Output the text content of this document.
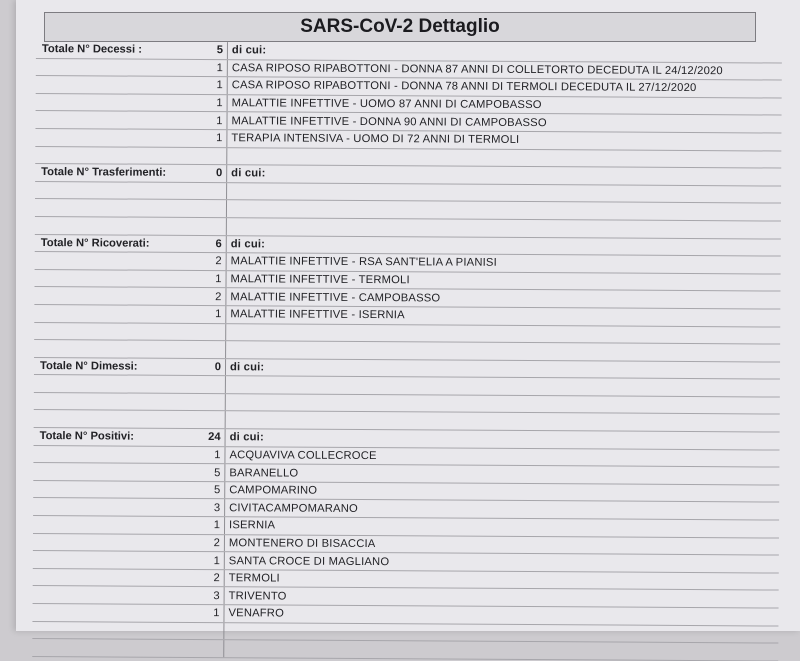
SARS-CoV-2 Dettaglio
Totale N° Decessi :	5 di cui:
1 CASA RIPOSO RIPABOTTONI - DONNA 87 ANNI DI COLLETORTO DECEDUTA IL 24/12/2020
1 CASA RIPOSO RIPABOTTONI - DONNA 78 ANNI DI TERMOLI DECEDUTA IL 27/12/2020
1 MALATTIE INFETTIVE - UOMO 87 ANNI DI CAMPOBASSO
1 MALATTIE INFETTIVE - DONNA 90 ANNI DI CAMPOBASSO
1 TERAPIA INTENSIVA - UOMO DI 72 ANNI DI TERMOLI
Totale N° Trasferimenti:	0 di cui:
Totale N° Ricoverati:	6 di cui:
2 MALATTIE INFETTIVE - RSA SANT'ELIA A PIANISI
1 MALATTIE INFETTIVE - TERMOLI
2 MALATTIE INFETTIVE - CAMPOBASSO
1 MALATTIE INFETTIVE - ISERNIA
Totale N° Dimessi:	0 di cui:
Totale N° Positivi:	24 di cui:
1 ACQUAVIVA COLLECROCE
5 BARANELLO
5 CAMPOMARINO
3 CIVITACAMPOMARANO
1 ISERNIA
2 MONTENERO DI BISACCIA
1 SANTA CROCE DI MAGLIANO
2 TERMOLI
3 TRIVENTO
1 VENAFRO
